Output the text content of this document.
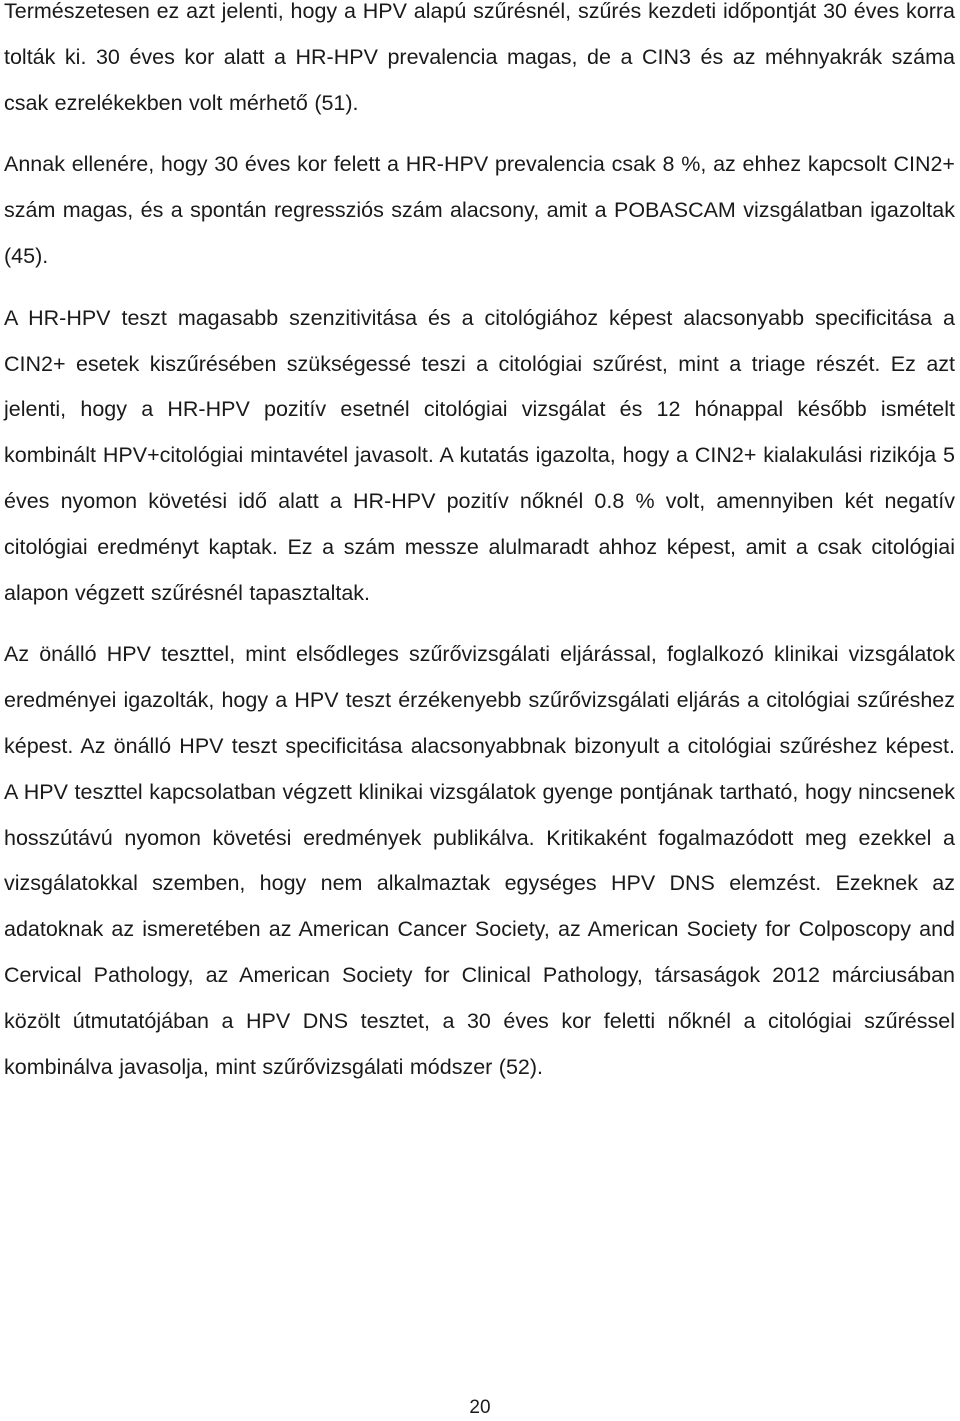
Természetesen ez azt jelenti, hogy a HPV alapú szűrésnél, szűrés kezdeti időpontját 30 éves korra tolták ki. 30 éves kor alatt a HR-HPV prevalencia magas, de a CIN3 és az méhnyakrák száma csak ezrelékekben volt mérhető (51).

Annak ellenére, hogy 30 éves kor felett a HR-HPV prevalencia csak 8 %, az ehhez kapcsolt CIN2+ szám magas, és a spontán regressziós szám alacsony, amit a POBASCAM vizsgálatban igazoltak (45).

A HR-HPV teszt magasabb szenzitivitása és a citológiához képest alacsonyabb specificitása a CIN2+ esetek kiszűrésében szükségessé teszi a citológiai szűrést, mint a triage részét. Ez azt jelenti, hogy a HR-HPV pozitív esetnél citológiai vizsgálat és 12 hónappal később ismételt kombinált HPV+citológiai mintavétel javasolt. A kutatás igazolta, hogy a CIN2+ kialakulási rizikója 5 éves nyomon követési idő alatt a HR-HPV pozitív nőknél 0.8 % volt, amennyiben két negatív citológiai eredményt kaptak. Ez a szám messze alulmaradt ahhoz képest, amit a csak citológiai alapon végzett szűrésnél tapasztaltak.

Az önálló HPV teszttel, mint elsődleges szűrővizsgálati eljárással, foglalkozó klinikai vizsgálatok eredményei igazolták, hogy a HPV teszt érzékenyebb szűrővizsgálati eljárás a citológiai szűréshez képest. Az önálló HPV teszt specificitása alacsonyabbnak bizonyult a citológiai szűréshez képest. A HPV teszttel kapcsolatban végzett klinikai vizsgálatok gyenge pontjának tartható, hogy nincsenek hosszútávú nyomon követési eredmények publikálva. Kritikaként fogalmazódott meg ezekkel a vizsgálatokkal szemben, hogy nem alkalmaztak egységes HPV DNS elemzést. Ezeknek az adatoknak az ismeretében az American Cancer Society, az American Society for Colposcopy and Cervical Pathology, az American Society for Clinical Pathology, társaságok 2012 márciusában közölt útmutatójában a HPV DNS tesztet, a 30 éves kor feletti nőknél a citológiai szűréssel kombinálva javasolja, mint szűrővizsgálati módszer (52).

20
